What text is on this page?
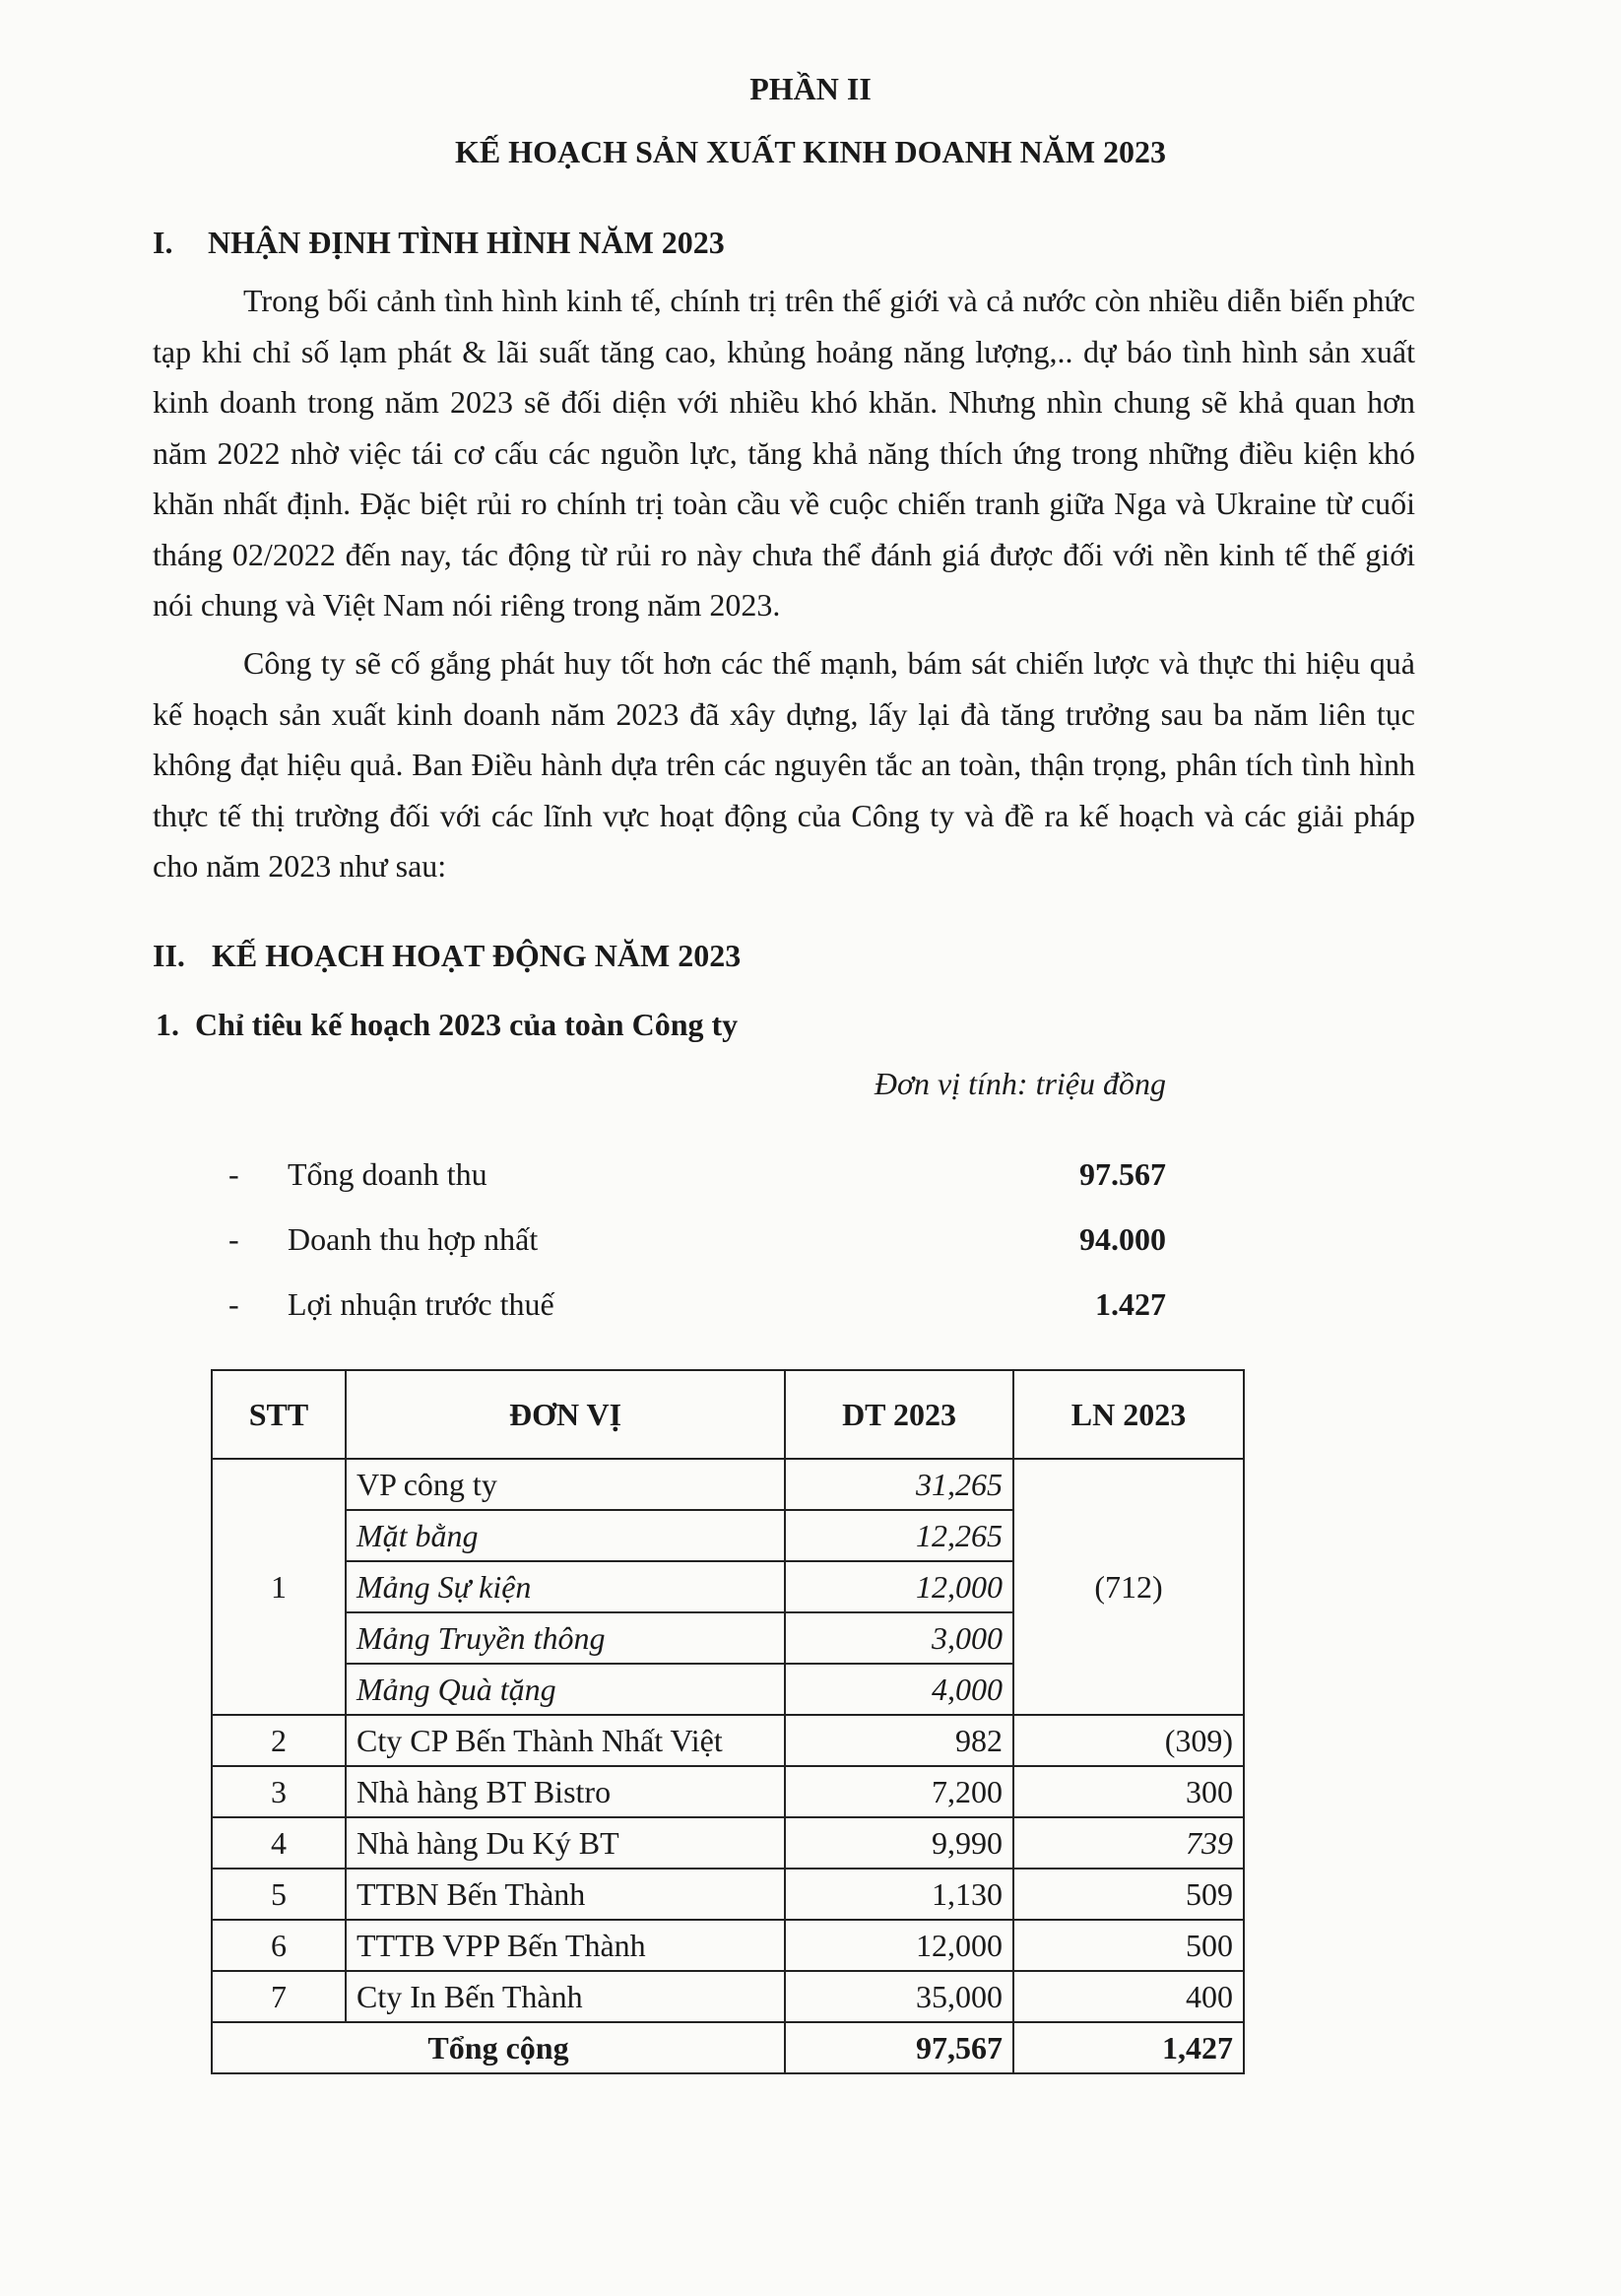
PHẦN II
KẾ HOẠCH SẢN XUẤT KINH DOANH NĂM 2023
I. NHẬN ĐỊNH TÌNH HÌNH NĂM 2023

Trong bối cảnh tình hình kinh tế, chính trị trên thế giới và cả nước còn nhiều diễn biến phức tạp khi chỉ số lạm phát & lãi suất tăng cao, khủng hoảng năng lượng,.. dự báo tình hình sản xuất kinh doanh trong năm 2023 sẽ đối diện với nhiều khó khăn. Nhưng nhìn chung sẽ khả quan hơn năm 2022 nhờ việc tái cơ cấu các nguồn lực, tăng khả năng thích ứng trong những điều kiện khó khăn nhất định. Đặc biệt rủi ro chính trị toàn cầu về cuộc chiến tranh giữa Nga và Ukraine từ cuối tháng 02/2022 đến nay, tác động từ rủi ro này chưa thể đánh giá được đối với nền kinh tế thế giới nói chung và Việt Nam nói riêng trong năm 2023.

Công ty sẽ cố gắng phát huy tốt hơn các thế mạnh, bám sát chiến lược và thực thi hiệu quả kế hoạch sản xuất kinh doanh năm 2023 đã xây dựng, lấy lại đà tăng trưởng sau ba năm liên tục không đạt hiệu quả. Ban Điều hành dựa trên các nguyên tắc an toàn, thận trọng, phân tích tình hình thực tế thị trường đối với các lĩnh vực hoạt động của Công ty và đề ra kế hoạch và các giải pháp cho năm 2023 như sau:

II. KẾ HOẠCH HOẠT ĐỘNG NĂM 2023
1. Chỉ tiêu kế hoạch 2023 của toàn Công ty
Đơn vị tính: triệu đồng
- Tổng doanh thu	97.567
- Doanh thu hợp nhất	94.000
- Lợi nhuận trước thuế	1.427
STT	ĐƠN VỊ	DT 2023	LN 2023
1	VP công ty	31,265	(712)
	Mặt bằng	12,265	
	Mảng Sự kiện	12,000	
	Mảng Truyền thông	3,000	
	Mảng Quà tặng	4,000	
2	Cty CP Bến Thành Nhất Việt	982	(309)
3	Nhà hàng BT Bistro	7,200	300
4	Nhà hàng Du Ký BT	9,990	739
5	TTBN Bến Thành	1,130	509
6	TTTB VPP Bến Thành	12,000	500
7	Cty In Bến Thành	35,000	400
Tổng cộng		97,567	1,427
